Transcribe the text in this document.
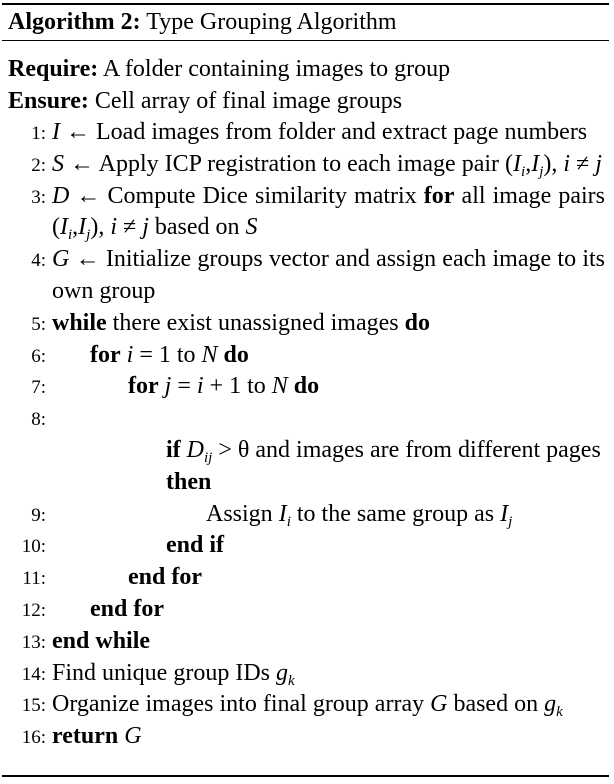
Algorithm 2: Type Grouping Algorithm
Require: A folder containing images to group
Ensure: Cell array of final image groups
1: I ← Load images from folder and extract page numbers
2: S ← Apply ICP registration to each image pair $(I_i,I_j)$, i ≠ j
3: D ← Compute Dice similarity matrix for all image pairs $(I_i,I_j)$, i ≠ j based on S
4: G ← Initialize groups vector and assign each image to its own group
5: while there exist unassigned images do
6:	for i = 1 to N do
7:	for j = i + 1 to N do
8:
if $D_{ij} > \theta$ and images are from different pages then
9:	Assign $I_i$ to the same group as $I_j$
10:	end if
11:	end for
12:	end for
13: end while
14: Find unique group IDs $g_k$
15: Organize images into final group array G based on $g_k$
16: return G
